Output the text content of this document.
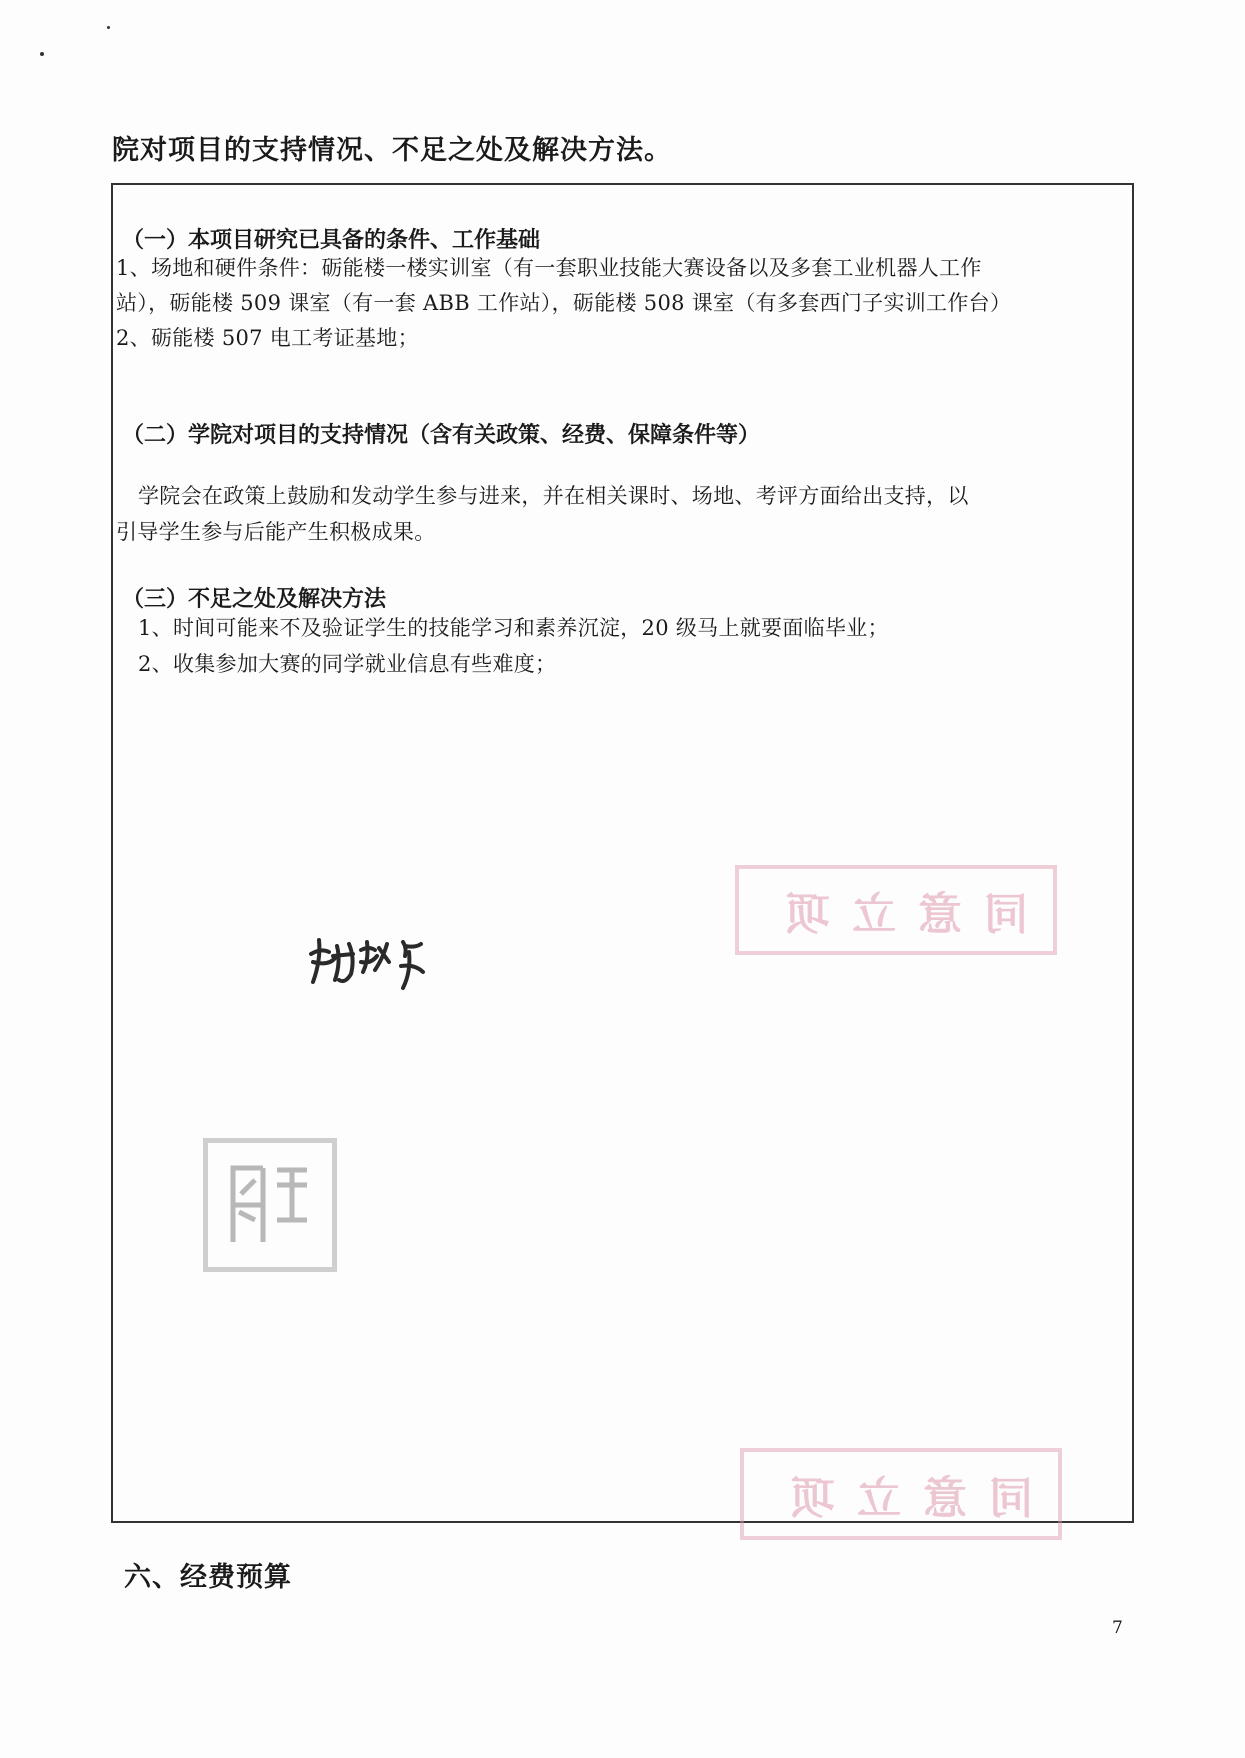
院对项目的支持情况、不足之处及解决方法。
（一）本项目研究已具备的条件、工作基础
1、场地和硬件条件：砺能楼一楼实训室（有一套职业技能大赛设备以及多套工业机器人工作
站），砺能楼 509 课室（有一套 ABB 工作站），砺能楼 508 课室（有多套西门子实训工作台）
2、砺能楼 507 电工考证基地；
（二）学院对项目的支持情况（含有关政策、经费、保障条件等）
学院会在政策上鼓励和发动学生参与进来，并在相关课时、场地、考评方面给出支持，以
引导学生参与后能产生积极成果。
（三）不足之处及解决方法
1、时间可能来不及验证学生的技能学习和素养沉淀，20 级马上就要面临毕业；
2、收集参加大赛的同学就业信息有些难度；
同意立项
同意立项
六、经费预算
7
